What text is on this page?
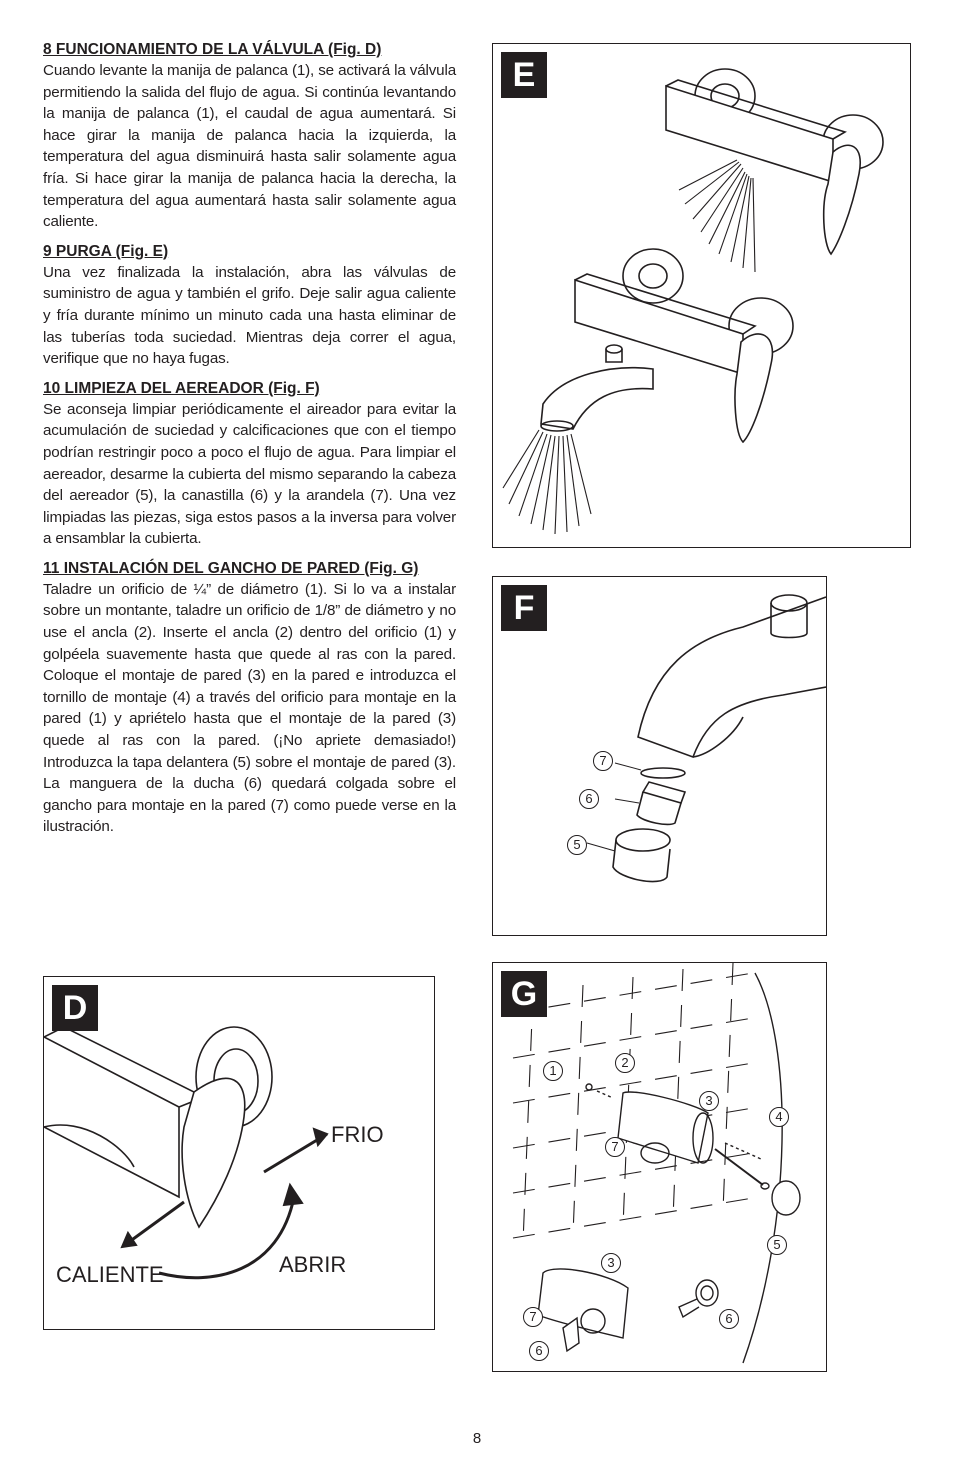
8 FUNCIONAMIENTO DE LA VÁLVULA (Fig. D)

Cuando levante la manija de palanca (1), se activará la válvula permitiendo la salida del flujo de agua. Si continúa levantando la manija de palanca (1), el caudal de agua aumentará. Si hace girar la manija de palanca hacia la izquierda, la temperatura del agua disminuirá hasta salir solamente agua fría. Si hace girar la manija de palanca hacia la derecha, la temperatura del agua aumentará hasta salir solamente agua caliente.

9 PURGA (Fig. E)

Una vez finalizada la instalación, abra las válvulas de suministro de agua y también el grifo. Deje salir agua caliente y fría durante mínimo un minuto cada una hasta eliminar de las tuberías toda suciedad. Mientras deja correr el agua, verifique que no haya fugas.

10 LIMPIEZA DEL AEREADOR (Fig. F)

Se aconseja limpiar periódicamente el aireador para evitar la acumulación de suciedad y calcificaciones que con el tiempo podrían restringir poco a poco el flujo de agua. Para limpiar el aereador, desarme la cubierta del mismo separando la cabeza del aereador (5), la canastilla (6) y la arandela (7). Una vez limpiadas las piezas, siga estos pasos a la inversa para volver a ensamblar la cubierta.

11 INSTALACIÓN DEL GANCHO DE PARED (Fig. G)

Taladre un orificio de ¼” de diámetro (1). Si lo va a instalar sobre un montante, taladre un orificio de 1/8” de diámetro y no use el ancla (2). Inserte el ancla (2) dentro del orificio (1) y golpéela suavemente hasta que quede al ras con la pared. Coloque el montaje de pared (3) en la pared e introduzca el tornillo de montaje (4) a través del orificio para montaje en la pared (1) y apriételo hasta que el montaje de la pared (3) quede al ras con la pared. (¡No apriete demasiado!) Introduzca la tapa delantera (5) sobre el montaje de pared (3). La manguera de la ducha (6) quedará colgada sobre el gancho para montaje en la pared (7) como puede verse en la ilustración.

E
F
7
6
5
D
FRIO
CALIENTE	ABRIR
G
1
2
3
7
4
5
3
7
6
6
8
